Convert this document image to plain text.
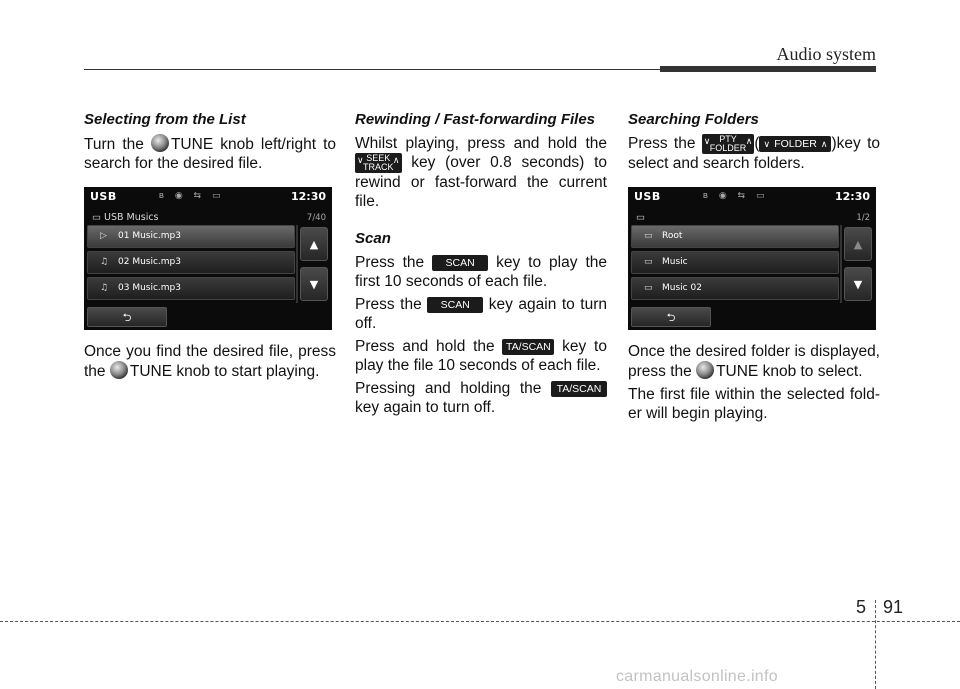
Audio system
Selecting from the List

Turn the TUNE knob left/right to search for the desired file.

USB	ʙ ◉ ⇆ ▭	12:30
▭ USB Musics	7/40
▷	01 Music.mp3
♫	02 Music.mp3
♫	03 Music.mp3
▲
▼
⮌

Once you find the desired file, press the TUNE knob to start playing.

Rewinding / Fast-forwarding Files

Whilst playing, press and hold the
∨ SEEK
TRACK
∧ key (over 0.8 seconds) to rewind or fast-forward the current file.

Scan

Press the SCAN key to play the first 10 seconds of each file.

Press the SCAN key again to turn off.

Press and hold the TA/SCAN key to play the file 10 seconds of each file.

Pressing and holding the TA/SCAN key again to turn off.

Searching Folders

Press the ∨ PTY
FOLDER
∧ ( ∨ FOLDER ∧ )key to select and search folders.

USB	ʙ ◉ ⇆ ▭	12:30
▭	1/2
▭	Root
▭	Music
▭	Music 02
▲
▼
⮌

Once the desired folder is displayed, press the TUNE knob to select.

The first file within the selected fold-er will begin playing.

5 91
carmanualsonline.info
